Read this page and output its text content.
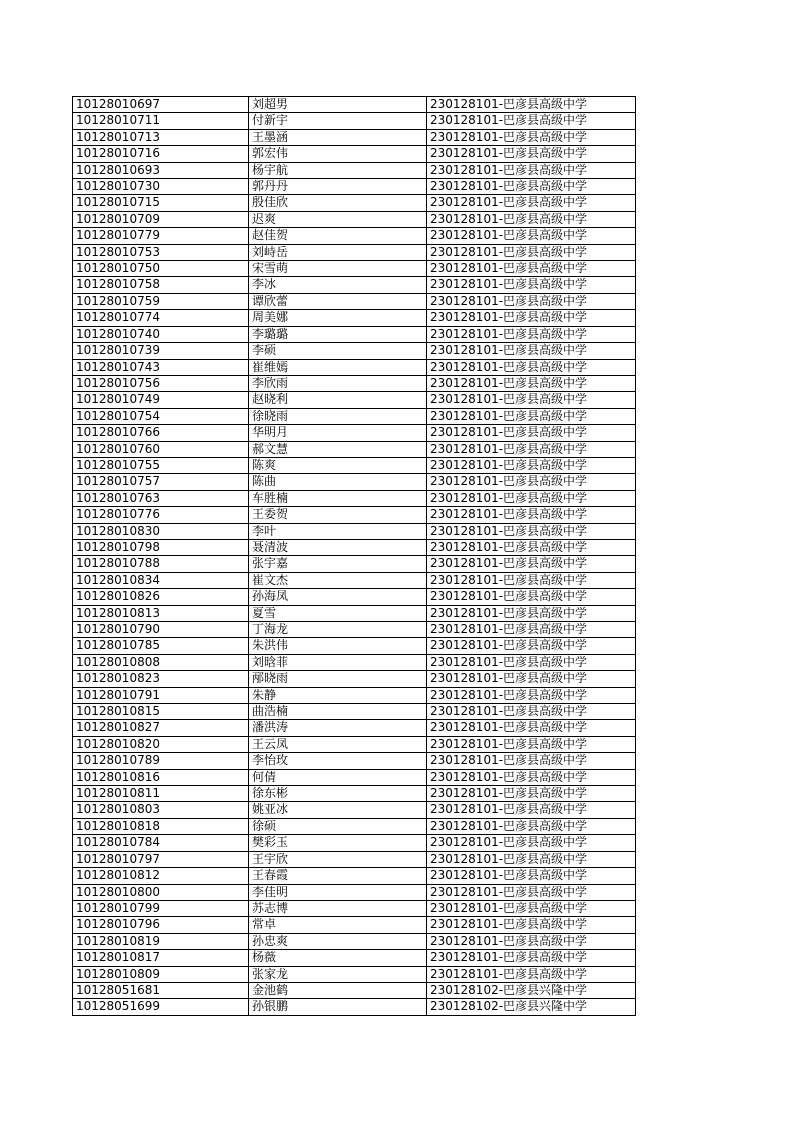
10128010697	刘超男	230128101-巴彦县高级中学
10128010711	付新宇	230128101-巴彦县高级中学
10128010713	王墨涵	230128101-巴彦县高级中学
10128010716	郭宏伟	230128101-巴彦县高级中学
10128010693	杨宇航	230128101-巴彦县高级中学
10128010730	郭丹丹	230128101-巴彦县高级中学
10128010715	殷佳欣	230128101-巴彦县高级中学
10128010709	迟爽	230128101-巴彦县高级中学
10128010779	赵佳贺	230128101-巴彦县高级中学
10128010753	刘峙岳	230128101-巴彦县高级中学
10128010750	宋雪萌	230128101-巴彦县高级中学
10128010758	李冰	230128101-巴彦县高级中学
10128010759	谭欣蕾	230128101-巴彦县高级中学
10128010774	周美娜	230128101-巴彦县高级中学
10128010740	李璐璐	230128101-巴彦县高级中学
10128010739	李硕	230128101-巴彦县高级中学
10128010743	崔维嫣	230128101-巴彦县高级中学
10128010756	李欣雨	230128101-巴彦县高级中学
10128010749	赵晓利	230128101-巴彦县高级中学
10128010754	徐晓雨	230128101-巴彦县高级中学
10128010766	华明月	230128101-巴彦县高级中学
10128010760	郝文慧	230128101-巴彦县高级中学
10128010755	陈爽	230128101-巴彦县高级中学
10128010757	陈曲	230128101-巴彦县高级中学
10128010763	车胜楠	230128101-巴彦县高级中学
10128010776	王委贺	230128101-巴彦县高级中学
10128010830	李叶	230128101-巴彦县高级中学
10128010798	聂清波	230128101-巴彦县高级中学
10128010788	张宇嘉	230128101-巴彦县高级中学
10128010834	崔文杰	230128101-巴彦县高级中学
10128010826	孙海凤	230128101-巴彦县高级中学
10128010813	夏雪	230128101-巴彦县高级中学
10128010790	丁海龙	230128101-巴彦县高级中学
10128010785	朱洪伟	230128101-巴彦县高级中学
10128010808	刘晗菲	230128101-巴彦县高级中学
10128010823	邴晓雨	230128101-巴彦县高级中学
10128010791	朱静	230128101-巴彦县高级中学
10128010815	曲浩楠	230128101-巴彦县高级中学
10128010827	潘洪涛	230128101-巴彦县高级中学
10128010820	王云凤	230128101-巴彦县高级中学
10128010789	李怡玫	230128101-巴彦县高级中学
10128010816	何倩	230128101-巴彦县高级中学
10128010811	徐东彬	230128101-巴彦县高级中学
10128010803	姚亚冰	230128101-巴彦县高级中学
10128010818	徐硕	230128101-巴彦县高级中学
10128010784	樊彩玉	230128101-巴彦县高级中学
10128010797	王宇欣	230128101-巴彦县高级中学
10128010812	王春霞	230128101-巴彦县高级中学
10128010800	李佳明	230128101-巴彦县高级中学
10128010799	苏志博	230128101-巴彦县高级中学
10128010796	常卓	230128101-巴彦县高级中学
10128010819	孙忠爽	230128101-巴彦县高级中学
10128010817	杨薇	230128101-巴彦县高级中学
10128010809	张家龙	230128101-巴彦县高级中学
10128051681	金池鹤	230128102-巴彦县兴隆中学
10128051699	孙银鹏	230128102-巴彦县兴隆中学
